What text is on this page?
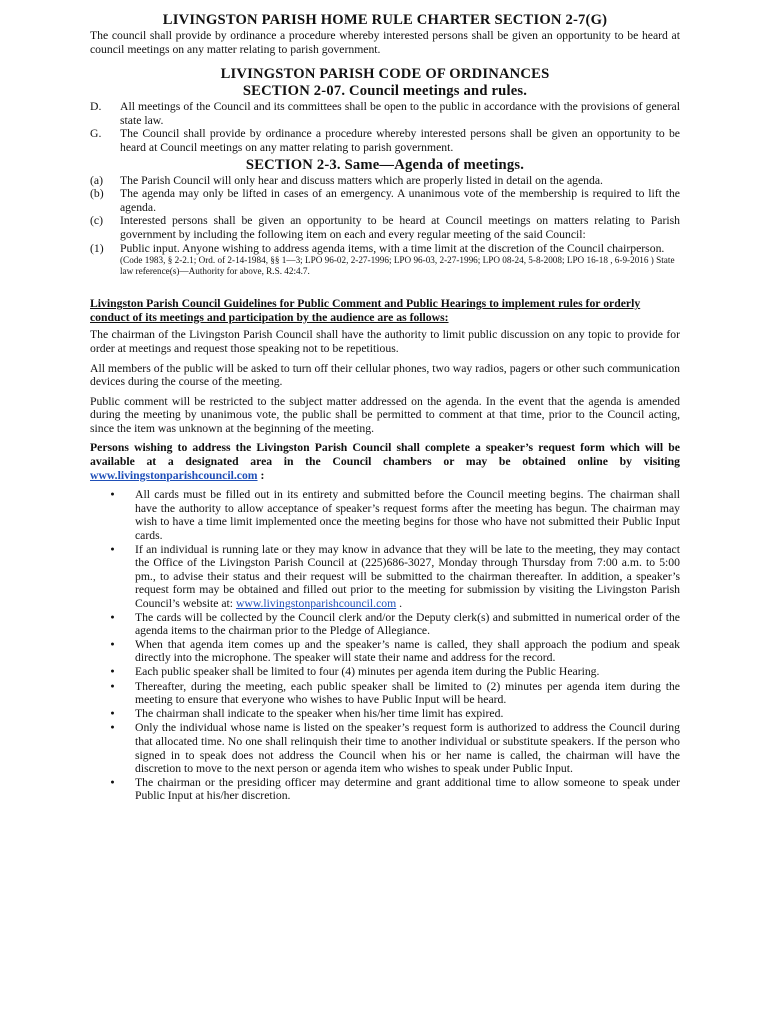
LIVINGSTON PARISH HOME RULE CHARTER SECTION 2-7(G)

The council shall provide by ordinance a procedure whereby interested persons shall be given an opportunity to be heard at council meetings on any matter relating to parish government.

LIVINGSTON PARISH CODE OF ORDINANCES
SECTION 2-07. Council meetings and rules.
D.	All meetings of the Council and its committees shall be open to the public in accordance with the provisions of general state law.
G.	The Council shall provide by ordinance a procedure whereby interested persons shall be given an opportunity to be heard at Council meetings on any matter relating to parish government.
SECTION 2-3. Same—Agenda of meetings.
(a)	The Parish Council will only hear and discuss matters which are properly listed in detail on the agenda.
(b)	The agenda may only be lifted in cases of an emergency. A unanimous vote of the membership is required to lift the agenda.
(c)	Interested persons shall be given an opportunity to be heard at Council meetings on matters relating to Parish government by including the following item on each and every regular meeting of the said Council:
(1)	Public input. Anyone wishing to address agenda items, with a time limit at the discretion of the Council chairperson.

(Code 1983, § 2-2.1; Ord. of 2-14-1984, §§ 1—3; LPO 96-02, 2-27-1996; LPO 96-03, 2-27-1996; LPO 08-24, 5-8-2008; LPO 16-18 , 6-9-2016 ) State law reference(s)—Authority for above, R.S. 42:4.7.

Livingston Parish Council Guidelines for Public Comment and Public Hearings to implement rules for orderly conduct of its meetings and participation by the audience are as follows:

The chairman of the Livingston Parish Council shall have the authority to limit public discussion on any topic to provide for order at meetings and request those speaking not to be repetitious.

All members of the public will be asked to turn off their cellular phones, two way radios, pagers or other such communication devices during the course of the meeting.

Public comment will be restricted to the subject matter addressed on the agenda. In the event that the agenda is amended during the meeting by unanimous vote, the public shall be permitted to comment at that time, prior to the Council acting, since the item was unknown at the beginning of the meeting.

Persons wishing to address the Livingston Parish Council shall complete a speaker’s request form which will be available at a designated area in the Council chambers or may be obtained online by visiting www.livingstonparishcouncil.com :

●
All cards must be filled out in its entirety and submitted before the Council meeting begins. The chairman shall have the authority to allow acceptance of speaker’s request forms after the meeting has begun. The chairman may wish to have a time limit implemented once the meeting begins for those who have not submitted their Public Input cards.
●
If an individual is running late or they may know in advance that they will be late to the meeting, they may contact the Office of the Livingston Parish Council at (225)686-3027, Monday through Thursday from 7:00 a.m. to 5:00 pm., to advise their status and their request will be submitted to the chairman thereafter. In addition, a speaker’s request form may be obtained and filled out prior to the meeting for submission by visiting the Livingston Parish Council’s website at: www.livingstonparishcouncil.com .
●
The cards will be collected by the Council clerk and/or the Deputy clerk(s) and submitted in numerical order of the agenda items to the chairman prior to the Pledge of Allegiance.
●
When that agenda item comes up and the speaker’s name is called, they shall approach the podium and speak directly into the microphone. The speaker will state their name and address for the record.
●
Each public speaker shall be limited to four (4) minutes per agenda item during the Public Hearing.
●
Thereafter, during the meeting, each public speaker shall be limited to (2) minutes per agenda item during the meeting to ensure that everyone who wishes to have Public Input will be heard.
●
The chairman shall indicate to the speaker when his/her time limit has expired.
●
Only the individual whose name is listed on the speaker’s request form is authorized to address the Council during that allocated time. No one shall relinquish their time to another individual or substitute speakers. If the person who signed in to speak does not address the Council when his or her name is called, the chairman will have the discretion to move to the next person or agenda item who wishes to speak under Public Input.
●
The chairman or the presiding officer may determine and grant additional time to allow someone to speak under Public Input at his/her discretion.
